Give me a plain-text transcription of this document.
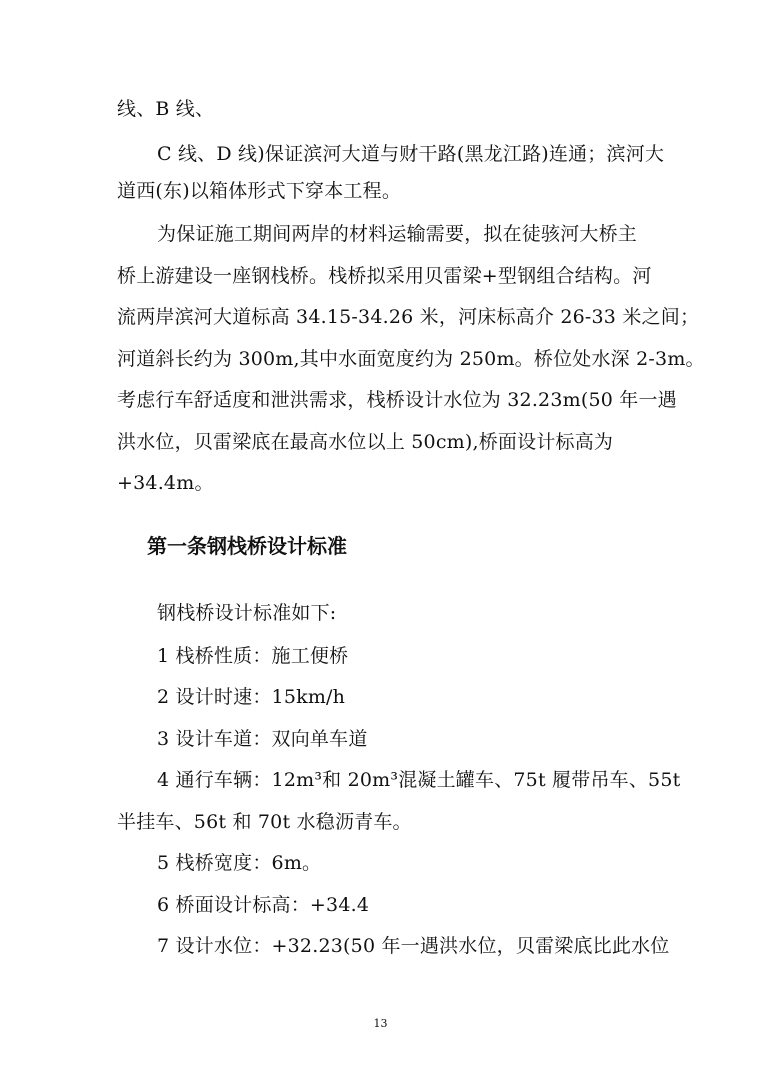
线、B 线、
C 线、D 线)保证滨河大道与财干路(黑龙江路)连通；滨河大
道西(东)以箱体形式下穿本工程。
为保证施工期间两岸的材料运输需要，拟在徒骇河大桥主
桥上游建设一座钢栈桥。栈桥拟采用贝雷梁+型钢组合结构。河
流两岸滨河大道标高 34.15-34.26 米，河床标高介 26-33 米之间；
河道斜长约为 300m,其中水面宽度约为 250m。桥位处水深 2-3m。
考虑行车舒适度和泄洪需求，栈桥设计水位为 32.23m(50 年一遇
洪水位，贝雷梁底在最高水位以上 50cm),桥面设计标高为
+34.4m。
第一条钢栈桥设计标准
钢栈桥设计标准如下:
1 栈桥性质：施工便桥
2 设计时速：15km/h
3 设计车道：双向单车道
4 通行车辆：12m³和 20m³混凝土罐车、75t 履带吊车、55t
半挂车、56t 和 70t 水稳沥青车。
5 栈桥宽度：6m。
6 桥面设计标高：+34.4
7 设计水位：+32.23(50 年一遇洪水位，贝雷梁底比此水位
13
